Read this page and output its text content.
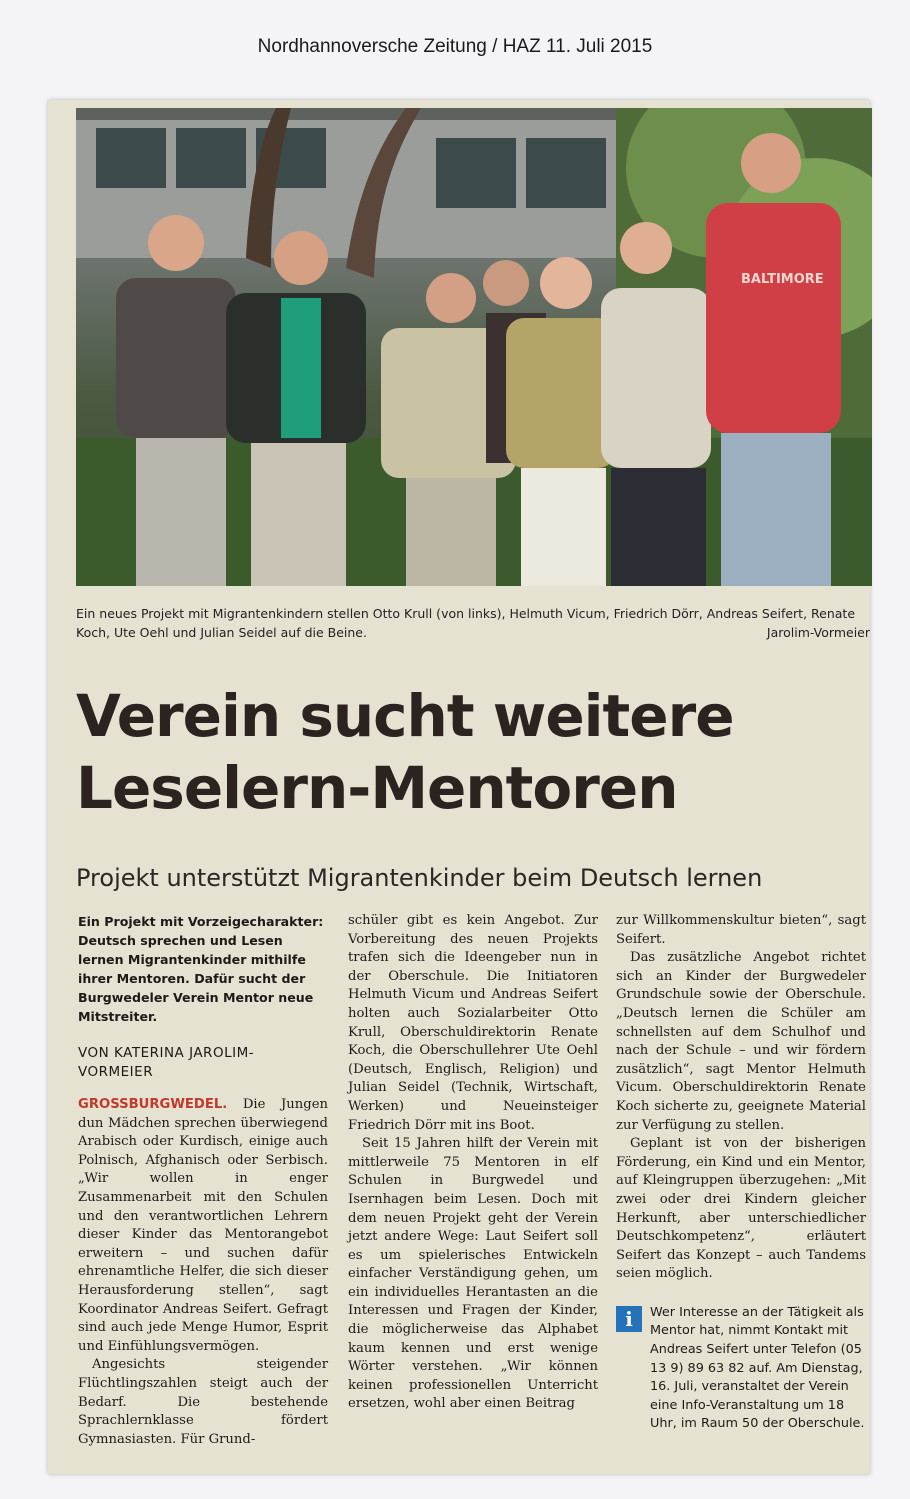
Nordhannoversche Zeitung / HAZ 11. Juli 2015
BALTIMORE
Ein neues Projekt mit Migrantenkindern stellen Otto Krull (von links), Helmuth Vicum, Friedrich Dörr, Andreas Seifert, Renate Koch, Ute Oehl und Julian Seidel auf die Beine.	Jarolim-Vormeier
Verein sucht weitere Leselern-Mentoren
Projekt unterstützt Migrantenkinder beim Deutsch lernen

Ein Projekt mit Vorzeigecharakter: Deutsch sprechen und Lesen lernen Migrantenkinder mithilfe ihrer Mentoren. Dafür sucht der Burgwedeler Verein Mentor neue Mitstreiter.

VON KATERINA JAROLIM-VORMEIER

GROSSBURGWEDEL. Die Jungen dun Mädchen sprechen überwiegend Arabisch oder Kurdisch, einige auch Polnisch, Afghanisch oder Serbisch. „Wir wollen in enger Zusammenarbeit mit den Schulen und den verantwortlichen Lehrern dieser Kinder das Mentorangebot erweitern – und suchen dafür ehrenamtliche Helfer, die sich dieser Herausforderung stellen“, sagt Koordinator Andreas Seifert. Gefragt sind auch jede Menge Humor, Esprit und Einfühlungsvermögen.

Angesichts steigender Flüchtlingszahlen steigt auch der Bedarf. Die bestehende Sprachlernklasse fördert Gymnasiasten. Für Grund-

schüler gibt es kein Angebot. Zur Vorbereitung des neuen Projekts trafen sich die Ideengeber nun in der Oberschule. Die Initiatoren Helmuth Vicum und Andreas Seifert holten auch Sozialarbeiter Otto Krull, Oberschuldirektorin Renate Koch, die Oberschullehrer Ute Oehl (Deutsch, Englisch, Religion) und Julian Seidel (Technik, Wirtschaft, Werken) und Neueinsteiger Friedrich Dörr mit ins Boot.

Seit 15 Jahren hilft der Verein mit mittlerweile 75 Mentoren in elf Schulen in Burgwedel und Isernhagen beim Lesen. Doch mit dem neuen Projekt geht der Verein jetzt andere Wege: Laut Seifert soll es um spielerisches Entwickeln einfacher Verständigung gehen, um ein individuelles Herantasten an die Interessen und Fragen der Kinder, die möglicherweise das Alphabet kaum kennen und erst wenige Wörter verstehen. „Wir können keinen professionellen Unterricht ersetzen, wohl aber einen Beitrag

zur Willkommenskultur bieten“, sagt Seifert.

Das zusätzliche Angebot richtet sich an Kinder der Burgwedeler Grundschule sowie der Oberschule. „Deutsch lernen die Schüler am schnellsten auf dem Schulhof und nach der Schule – und wir fördern zusätzlich“, sagt Mentor Helmuth Vicum. Oberschuldirektorin Renate Koch sicherte zu, geeignete Material zur Verfügung zu stellen.

Geplant ist von der bisherigen Förderung, ein Kind und ein Mentor, auf Kleingruppen überzugehen: „Mit zwei oder drei Kindern gleicher Herkunft, aber unterschiedlicher Deutschkompetenz“, erläutert Seifert das Konzept – auch Tandems seien möglich.

i	Wer Interesse an der Tätigkeit als Mentor hat, nimmt Kontakt mit Andreas Seifert unter Telefon (05 13 9) 89 63 82 auf. Am Dienstag, 16. Juli, veranstaltet der Verein eine Info-Veranstaltung um 18 Uhr, im Raum 50 der Oberschule.
